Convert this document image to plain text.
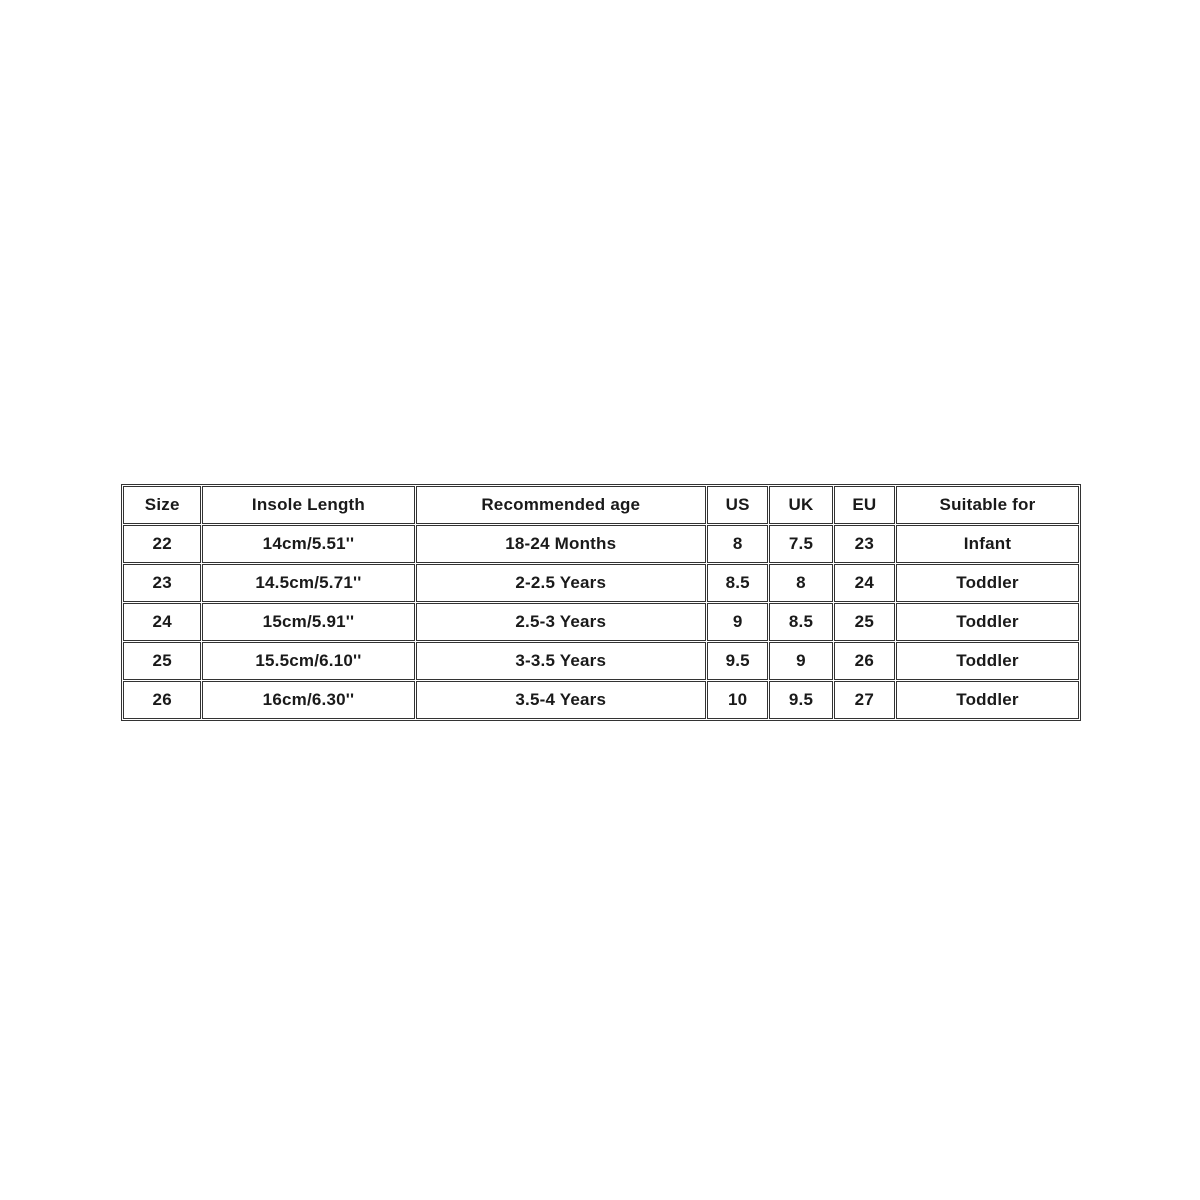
Size	Insole Length	Recommended age	US	UK	EU	Suitable for
22	14cm/5.51''	18-24 Months	8	7.5	23	Infant
23	14.5cm/5.71''	2-2.5 Years	8.5	8	24	Toddler
24	15cm/5.91''	2.5-3 Years	9	8.5	25	Toddler
25	15.5cm/6.10''	3-3.5 Years	9.5	9	26	Toddler
26	16cm/6.30''	3.5-4 Years	10	9.5	27	Toddler
